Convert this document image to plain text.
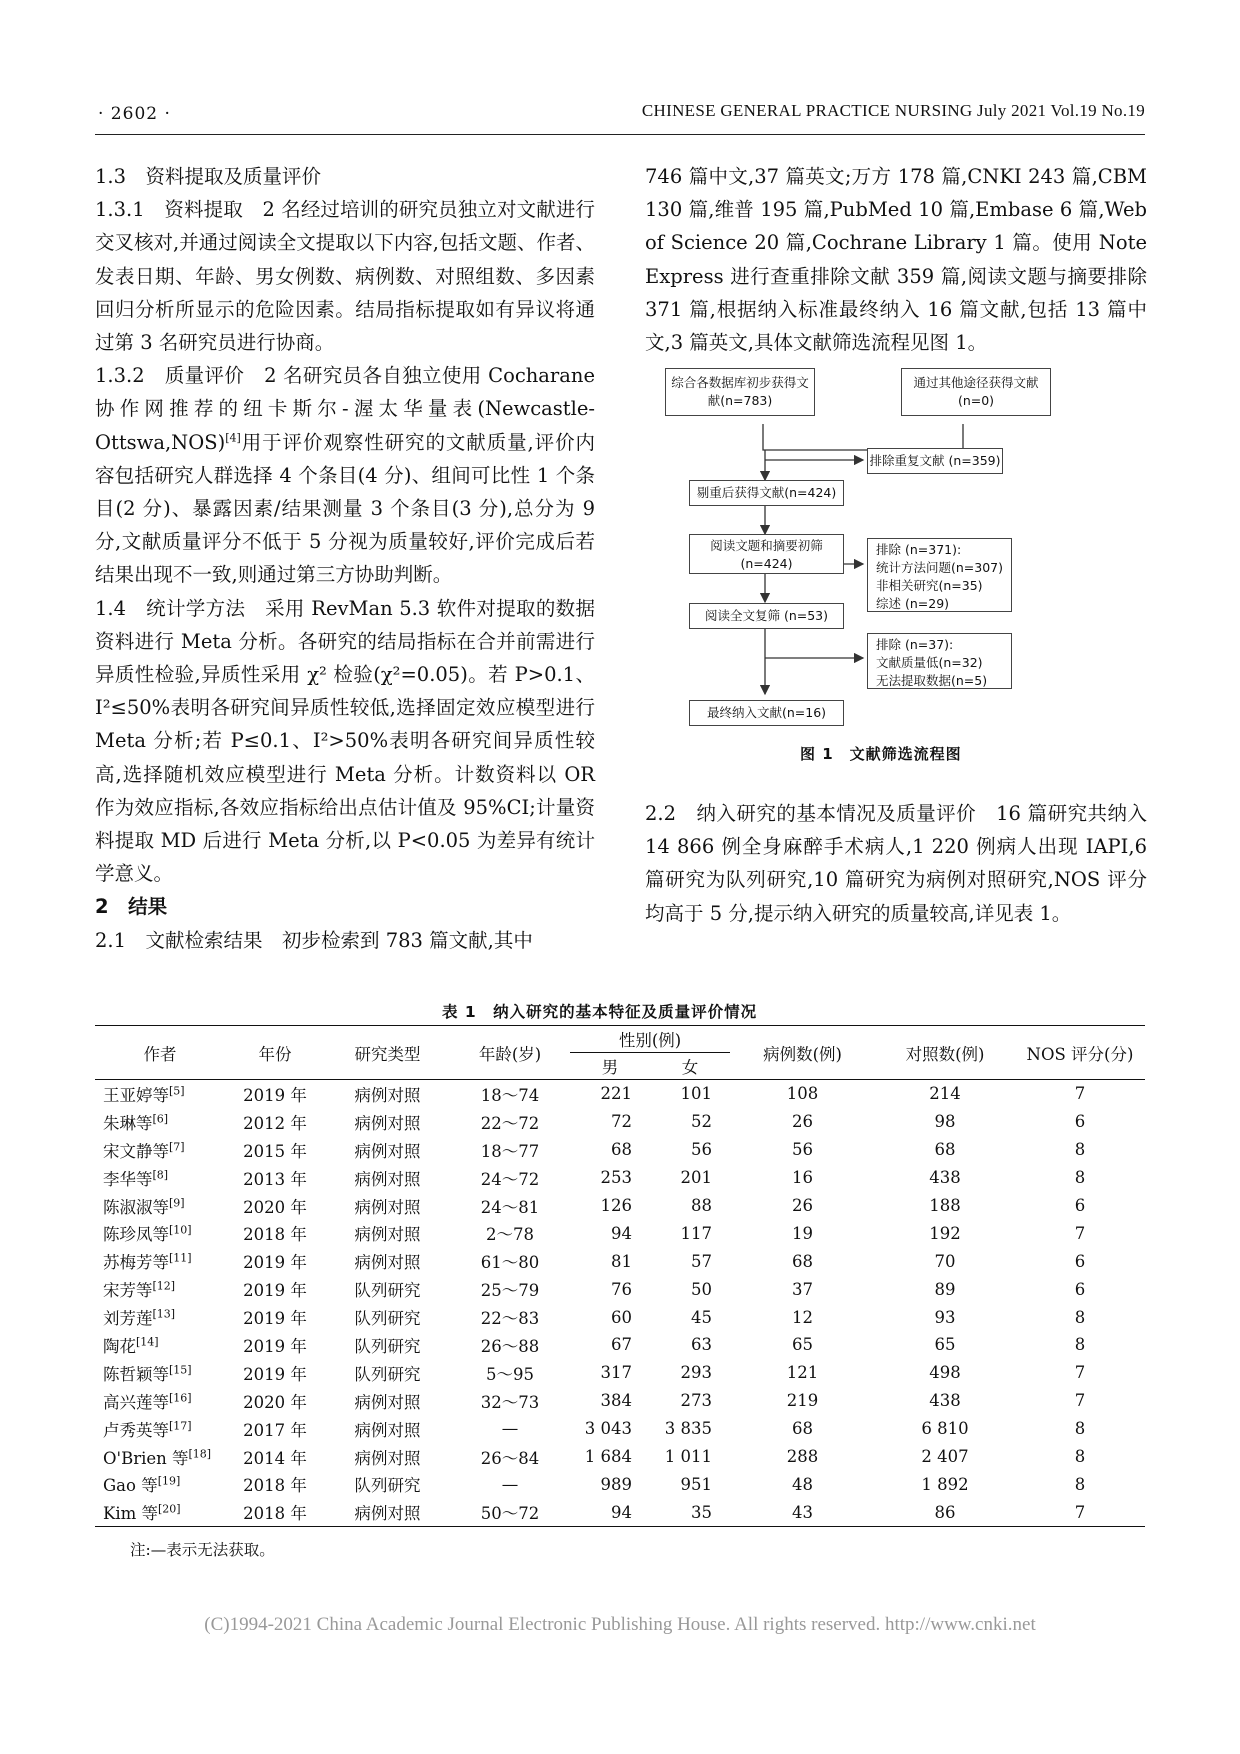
· 2602 ·	CHINESE GENERAL PRACTICE NURSING July 2021 Vol.19 No.19

1.3　资料提取及质量评价

1.3.1　资料提取　 2 名经过培训的研究员独立对文献进行交叉核对,并通过阅读全文提取以下内容,包括文题、作者、发表日期、年龄、男女例数、病例数、对照组数、多因素回归分析所显示的危险因素。结局指标提取如有异议将通过第 3 名研究员进行协商。

1.3.2　质量评价　 2 名研究员各自独立使用 Cocharane 协作网推荐的纽卡斯尔-渥太华量表(Newcastle-Ottswa,NOS)[4]用于评价观察性研究的文献质量,评价内容包括研究人群选择 4 个条目(4 分)、组间可比性 1 个条目(2 分)、暴露因素/结果测量 3 个条目(3 分),总分为 9 分,文献质量评分不低于 5 分视为质量较好,评价完成后若结果出现不一致,则通过第三方协助判断。

1.4　统计学方法　 采用 RevMan 5.3 软件对提取的数据资料进行 Meta 分析。各研究的结局指标在合并前需进行异质性检验,异质性采用 χ² 检验(χ²=0.05)。若 P>0.1、I²≤50%表明各研究间异质性较低,选择固定效应模型进行 Meta 分析;若 P≤0.1、I²>50%表明各研究间异质性较高,选择随机效应模型进行 Meta 分析。计数资料以 OR 作为效应指标,各效应指标给出点估计值及 95%CI;计量资料提取 MD 后进行 Meta 分析,以 P<0.05 为差异有统计学意义。

2　结果

2.1　文献检索结果　 初步检索到 783 篇文献,其中

746 篇中文,37 篇英文;万方 178 篇,CNKI 243 篇,CBM 130 篇,维普 195 篇,PubMed 10 篇,Embase 6 篇,Web of Science 20 篇,Cochrane Library 1 篇。使用 Note Express 进行查重排除文献 359 篇,阅读文题与摘要排除 371 篇,根据纳入标准最终纳入 16 篇文献,包括 13 篇中文,3 篇英文,具体文献筛选流程见图 1。

综合各数据库初步获得文献(n=783)
通过其他途径获得文献(n=0)
排除重复文献 (n=359)
剔重后获得文献(n=424)
阅读文题和摘要初筛(n=424)
排除 (n=371):
统计方法问题(n=307)
非相关研究(n=35)
综述 (n=29)
阅读全文复筛 (n=53)
排除 (n=37):
文献质量低(n=32)
无法提取数据(n=5)
最终纳入文献(n=16)
图 1　文献筛选流程图

2.2　纳入研究的基本情况及质量评价　 16 篇研究共纳入 14 866 例全身麻醉手术病人,1 220 例病人出现 IAPI,6 篇研究为队列研究,10 篇研究为病例对照研究,NOS 评分均高于 5 分,提示纳入研究的质量较高,详见表 1。

表 1　纳入研究的基本特征及质量评价情况
作者	年份	研究类型	年龄(岁)	性别(例)		病例数(例)	对照数(例)	NOS 评分(分)
				男	女			
王亚婷等[5]	2019 年	病例对照	18～74	221	101	108	214	7
朱琳等[6]	2012 年	病例对照	22～72	72	52	26	98	6
宋文静等[7]	2015 年	病例对照	18～77	68	56	56	68	8
李华等[8]	2013 年	病例对照	24～72	253	201	16	438	8
陈淑淑等[9]	2020 年	病例对照	24～81	126	88	26	188	6
陈珍凤等[10]	2018 年	病例对照	2～78	94	117	19	192	7
苏梅芳等[11]	2019 年	病例对照	61～80	81	57	68	70	6
宋芳等[12]	2019 年	队列研究	25～79	76	50	37	89	6
刘芳莲[13]	2019 年	队列研究	22～83	60	45	12	93	8
陶花[14]	2019 年	队列研究	26～88	67	63	65	65	8
陈哲颖等[15]	2019 年	队列研究	5～95	317	293	121	498	7
高兴莲等[16]	2020 年	病例对照	32～73	384	273	219	438	7
卢秀英等[17]	2017 年	病例对照	—	3 043	3 835	68	6 810	8
O'Brien 等[18]	2014 年	病例对照	26～84	1 684	1 011	288	2 407	8
Gao 等[19]	2018 年	队列研究	—	989	951	48	1 892	8
Kim 等[20]	2018 年	病例对照	50～72	94	35	43	86	7
注:—表示无法获取。
(C)1994-2021 China Academic Journal Electronic Publishing House. All rights reserved. http://www.cnki.net
